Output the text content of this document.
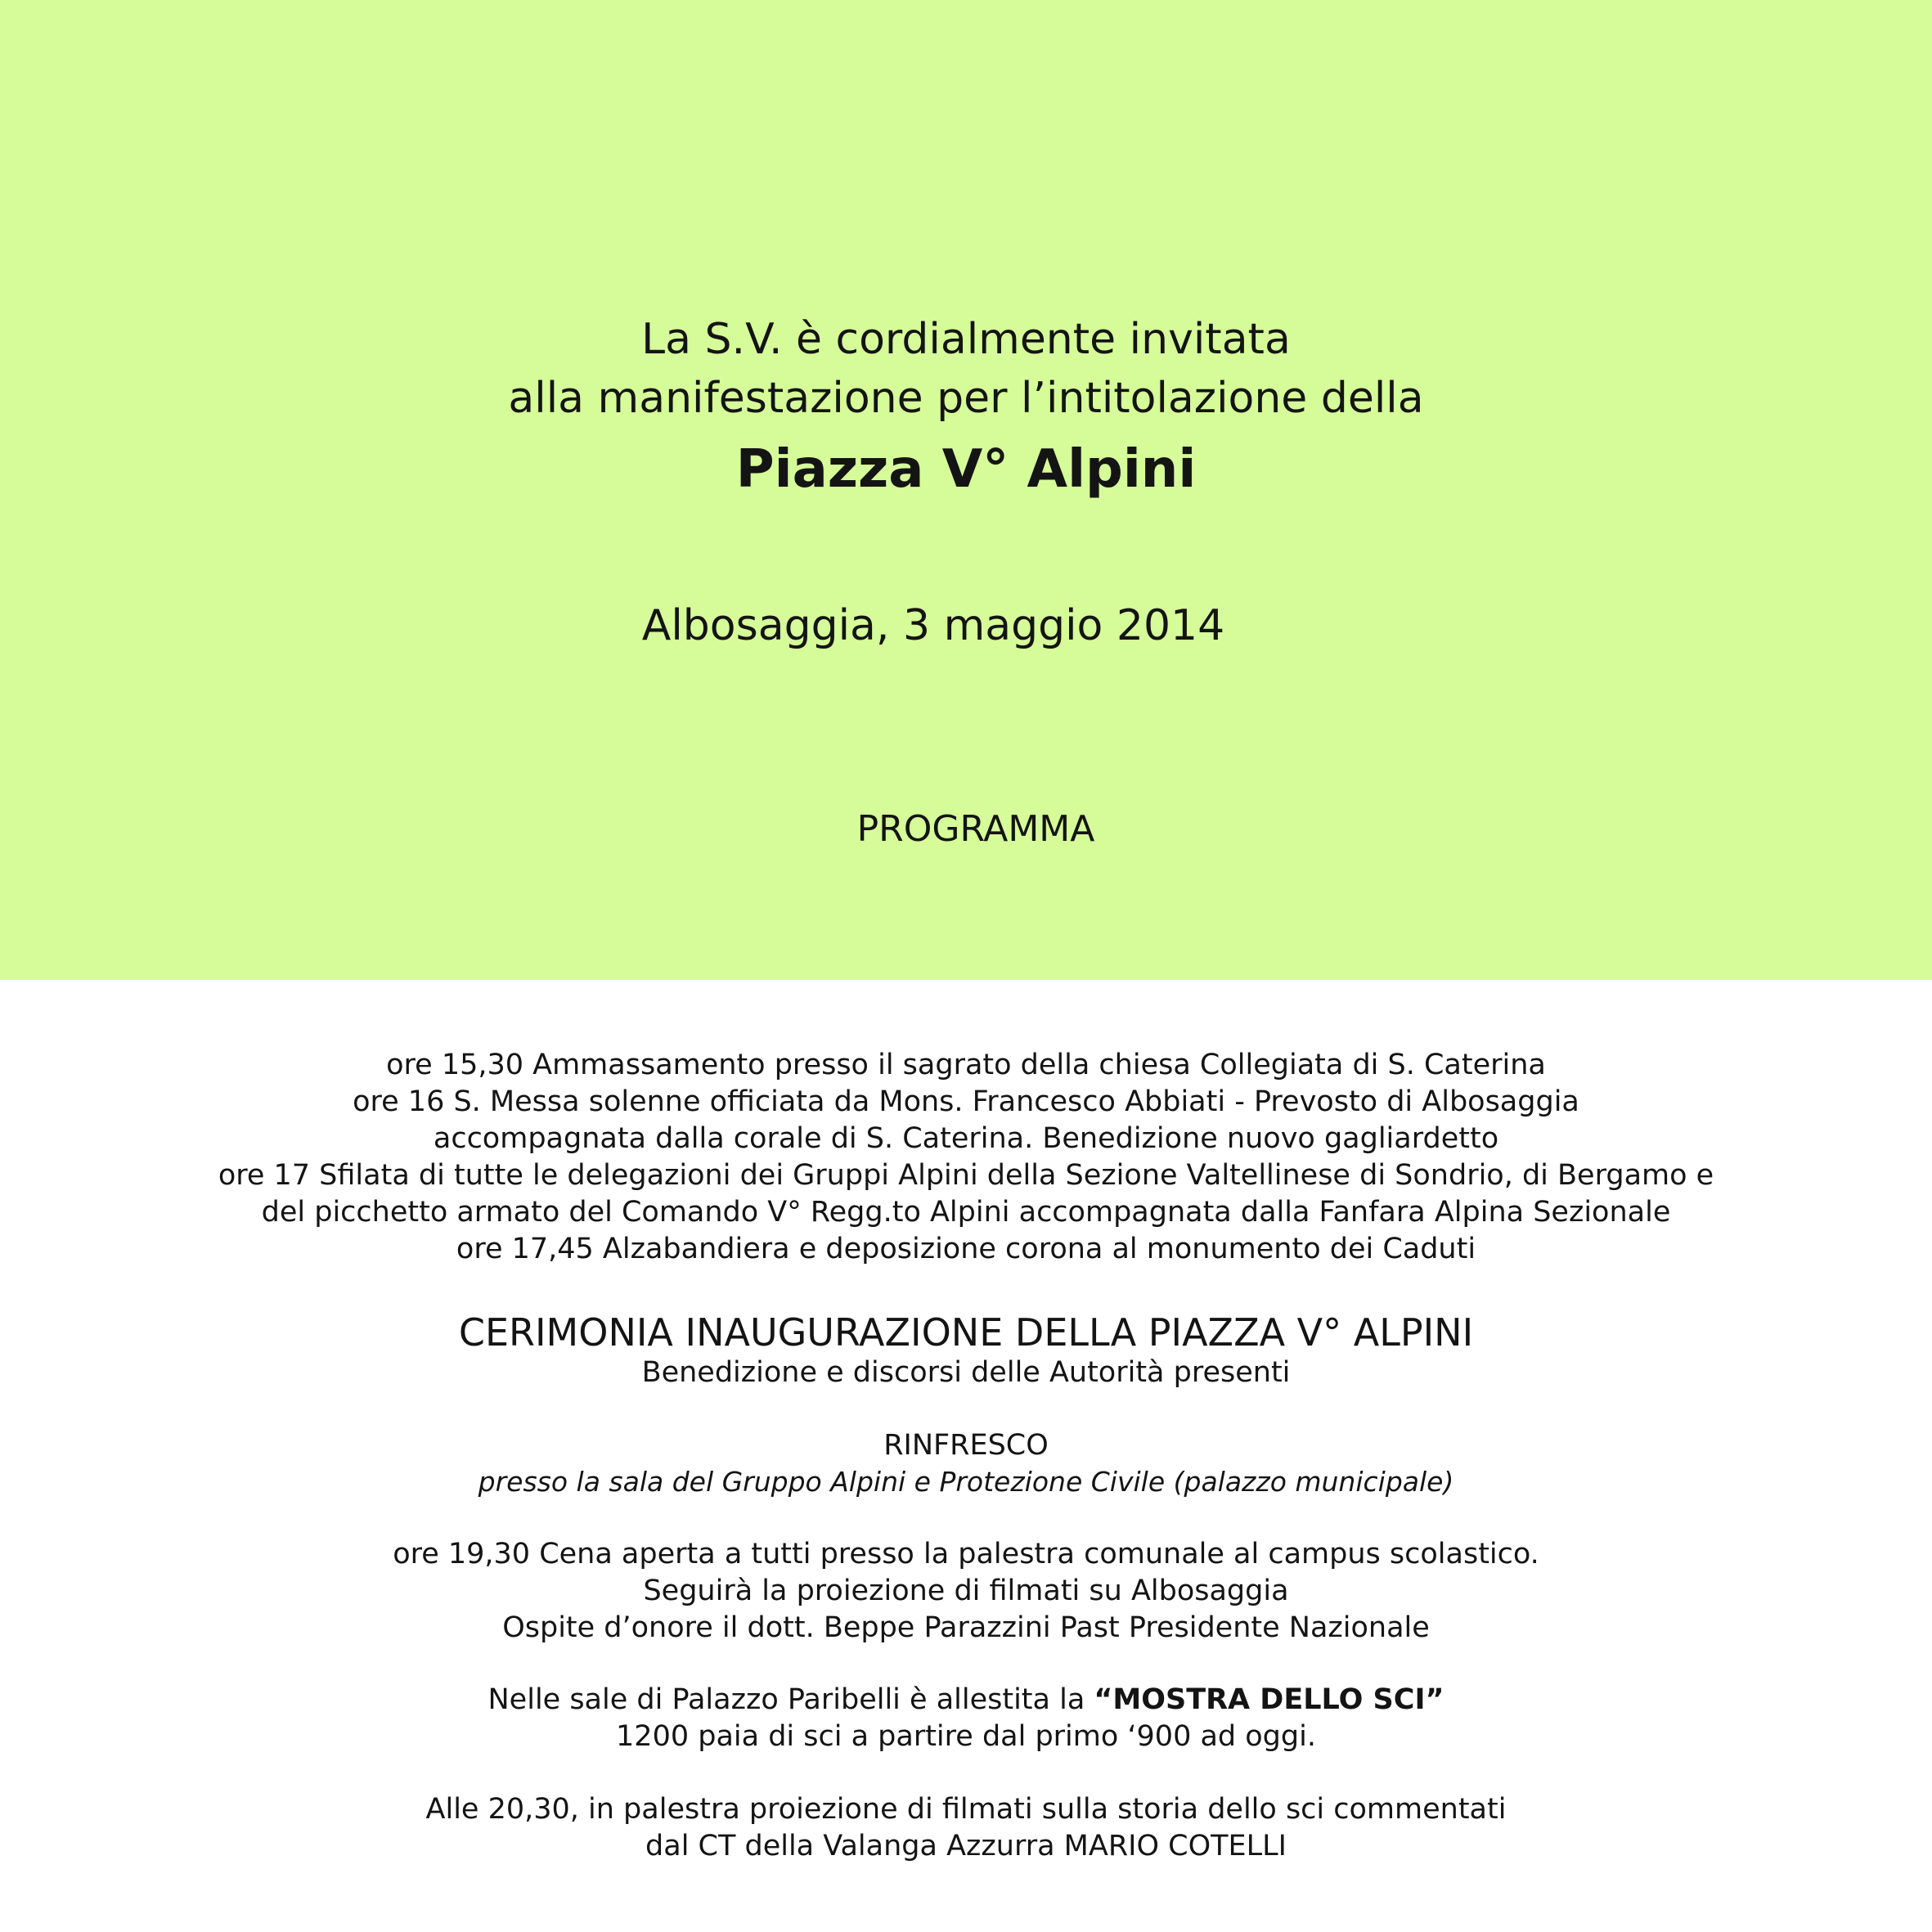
La S.V. è cordialmente invitata

alla manifestazione per l’intitolazione della

Piazza V° Alpini

Albosaggia, 3 maggio 2014

PROGRAMMA

ore 15,30 Ammassamento presso il sagrato della chiesa Collegiata di S. Caterina

ore 16 S. Messa solenne officiata da Mons. Francesco Abbiati - Prevosto di Albosaggia

accompagnata dalla corale di S. Caterina. Benedizione nuovo gagliardetto

ore 17 Sfilata di tutte le delegazioni dei Gruppi Alpini della Sezione Valtellinese di Sondrio, di Bergamo e

del picchetto armato del Comando V° Regg.to Alpini accompagnata dalla Fanfara Alpina Sezionale

ore 17,45 Alzabandiera e deposizione corona al monumento dei Caduti

CERIMONIA INAUGURAZIONE DELLA PIAZZA V° ALPINI

Benedizione e discorsi delle Autorità presenti

RINFRESCO

presso la sala del Gruppo Alpini e Protezione Civile (palazzo municipale)

ore 19,30 Cena aperta a tutti presso la palestra comunale al campus scolastico.

Seguirà la proiezione di filmati su Albosaggia

Ospite d’onore il dott. Beppe Parazzini Past Presidente Nazionale

Nelle sale di Palazzo Paribelli è allestita la “MOSTRA DELLO SCI”

1200 paia di sci a partire dal primo ‘900 ad oggi.

Alle 20,30, in palestra proiezione di filmati sulla storia dello sci commentati

dal CT della Valanga Azzurra MARIO COTELLI
